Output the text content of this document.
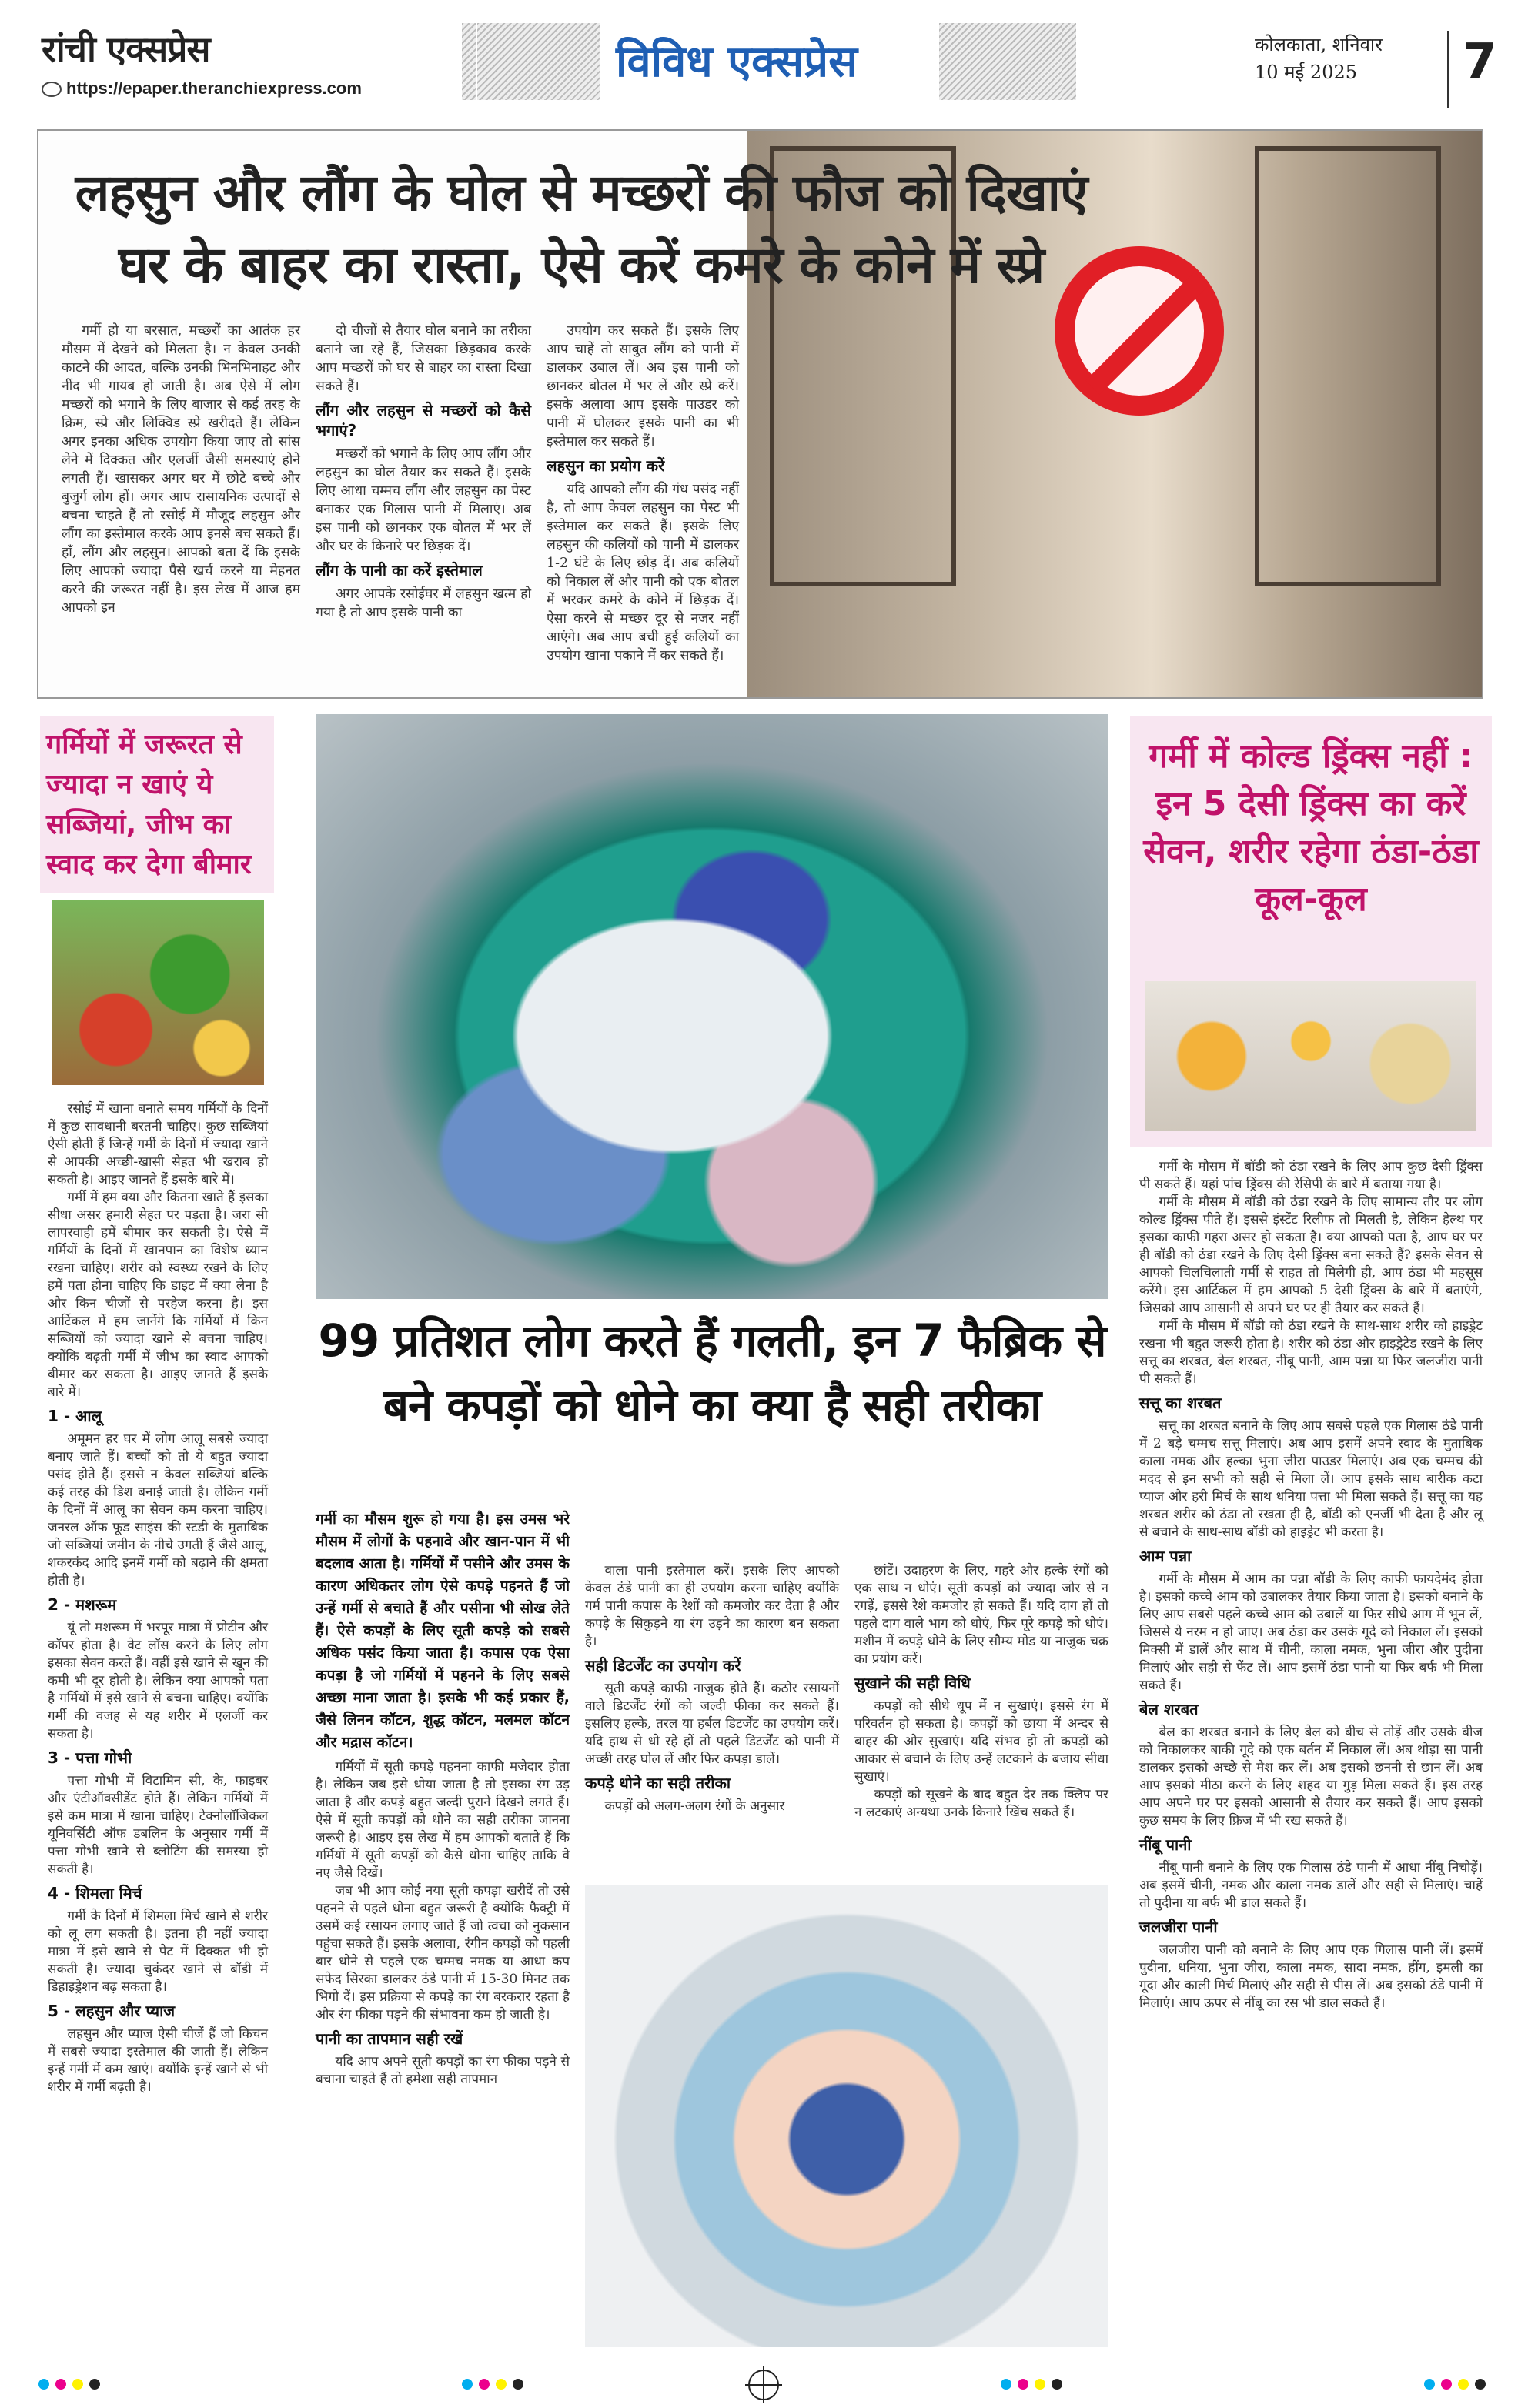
रांची एक्सप्रेस
https://epaper.theranchiexpress.com
विविध एक्सप्रेस	कोलकाता, शनिवार
10 मई 2025	7
लहसुन और लौंग के घोल से मच्छरों की फौज को दिखाएं
घर के बाहर का रास्ता, ऐसे करें कमरे के कोने में स्प्रे

गर्मी हो या बरसात, मच्छरों का आतंक हर मौसम में देखने को मिलता है। न केवल उनकी काटने की आदत, बल्कि उनकी भिनभिनाहट और नींद भी गायब हो जाती है। अब ऐसे में लोग मच्छरों को भगाने के लिए बाजार से कई तरह के क्रिम, स्प्रे और लिक्विड स्प्रे खरीदते हैं। लेकिन अगर इनका अधिक उपयोग किया जाए तो सांस लेने में दिक्कत और एलर्जी जैसी समस्याएं होने लगती हैं। खासकर अगर घर में छोटे बच्चे और बुजुर्ग लोग हों। अगर आप रासायनिक उत्पादों से बचना चाहते हैं तो रसोई में मौजूद लहसुन और लौंग का इस्तेमाल करके आप इनसे बच सकते हैं। हाँ, लौंग और लहसुन। आपको बता दें कि इसके लिए आपको ज्यादा पैसे खर्च करने या मेहनत करने की जरूरत नहीं है। इस लेख में आज हम आपको इन

दो चीजों से तैयार घोल बनाने का तरीका बताने जा रहे हैं, जिसका छिड़काव करके आप मच्छरों को घर से बाहर का रास्ता दिखा सकते हैं।

लौंग और लहसुन से मच्छरों को कैसे भगाएं?

मच्छरों को भगाने के लिए आप लौंग और लहसुन का घोल तैयार कर सकते हैं। इसके लिए आधा चम्मच लौंग और लहसुन का पेस्ट बनाकर एक गिलास पानी में मिलाएं। अब इस पानी को छानकर एक बोतल में भर लें और घर के किनारे पर छिड़क दें।

लौंग के पानी का करें इस्तेमाल

अगर आपके रसोईघर में लहसुन खत्म हो गया है तो आप इसके पानी का

उपयोग कर सकते हैं। इसके लिए आप चाहें तो साबुत लौंग को पानी में डालकर उबाल लें। अब इस पानी को छानकर बोतल में भर लें और स्प्रे करें। इसके अलावा आप इसके पाउडर को पानी में घोलकर इसके पानी का भी इस्तेमाल कर सकते हैं।

लहसुन का प्रयोग करें

यदि आपको लौंग की गंध पसंद नहीं है, तो आप केवल लहसुन का पेस्ट भी इस्तेमाल कर सकते हैं। इसके लिए लहसुन की कलियों को पानी में डालकर 1-2 घंटे के लिए छोड़ दें। अब कलियों को निकाल लें और पानी को एक बोतल में भरकर कमरे के कोने में छिड़क दें। ऐसा करने से मच्छर दूर से नजर नहीं आएंगे। अब आप बची हुई कलियों का उपयोग खाना पकाने में कर सकते हैं।

गर्मियों में जरूरत से ज्यादा न खाएं ये सब्जियां, जीभ का स्वाद कर देगा बीमार

रसोई में खाना बनाते समय गर्मियों के दिनों में कुछ सावधानी बरतनी चाहिए। कुछ सब्जियां ऐसी होती हैं जिन्हें गर्मी के दिनों में ज्यादा खाने से आपकी अच्छी-खासी सेहत भी खराब हो सकती है। आइए जानते हैं इसके बारे में।

गर्मी में हम क्या और कितना खाते हैं इसका सीधा असर हमारी सेहत पर पड़ता है। जरा सी लापरवाही हमें बीमार कर सकती है। ऐसे में गर्मियों के दिनों में खानपान का विशेष ध्यान रखना चाहिए। शरीर को स्वस्थ्य रखने के लिए हमें पता होना चाहिए कि डाइट में क्या लेना है और किन चीजों से परहेज करना है। इस आर्टिकल में हम जानेंगे कि गर्मियों में किन सब्जियों को ज्यादा खाने से बचना चाहिए। क्योंकि बढ़ती गर्मी में जीभ का स्वाद आपको बीमार कर सकता है। आइए जानते हैं इसके बारे में।

1 - आलू

अमूमन हर घर में लोग आलू सबसे ज्यादा बनाए जाते हैं। बच्चों को तो ये बहुत ज्यादा पसंद होते हैं। इससे न केवल सब्जियां बल्कि कई तरह की डिश बनाई जाती है। लेकिन गर्मी के दिनों में आलू का सेवन कम करना चाहिए। जनरल ऑफ फूड साइंस की स्टडी के मुताबिक जो सब्जियां जमीन के नीचे उगती हैं जैसे आलू, शकरकंद आदि इनमें गर्मी को बढ़ाने की क्षमता होती है।

2 - मशरूम

यूं तो मशरूम में भरपूर मात्रा में प्रोटीन और कॉपर होता है। वेट लॉस करने के लिए लोग इसका सेवन करते हैं। वहीं इसे खाने से खून की कमी भी दूर होती है। लेकिन क्या आपको पता है गर्मियों में इसे खाने से बचना चाहिए। क्योंकि गर्मी की वजह से यह शरीर में एलर्जी कर सकता है।

3 - पत्ता गोभी

पत्ता गोभी में विटामिन सी, के, फाइबर और एंटीऑक्सीडेंट होते हैं। लेकिन गर्मियों में इसे कम मात्रा में खाना चाहिए। टेक्नोलॉजिकल यूनिवर्सिटी ऑफ डबलिन के अनुसार गर्मी में पत्ता गोभी खाने से ब्लोटिंग की समस्या हो सकती है।

4 - शिमला मिर्च

गर्मी के दिनों में शिमला मिर्च खाने से शरीर को लू लग सकती है। इतना ही नहीं ज्यादा मात्रा में इसे खाने से पेट में दिक्कत भी हो सकती है। ज्यादा चुकंदर खाने से बॉडी में डिहाइड्रेशन बढ़ सकता है।

5 - लहसुन और प्याज

लहसुन और प्याज ऐसी चीजें हैं जो किचन में सबसे ज्यादा इस्तेमाल की जाती हैं। लेकिन इन्हें गर्मी में कम खाएं। क्योंकि इन्हें खाने से भी शरीर में गर्मी बढ़ती है।

99 प्रतिशत लोग करते हैं गलती, इन 7 फैब्रिक से बने कपड़ों को धोने का क्या है सही तरीका
गर्मी का मौसम शुरू हो गया है। इस उमस भरे मौसम में लोगों के पहनावे और खान-पान में भी बदलाव आता है। गर्मियों में पसीने और उमस के कारण अधिकतर लोग ऐसे कपड़े पहनते हैं जो उन्हें गर्मी से बचाते हैं और पसीना भी सोख लेते हैं। ऐसे कपड़ों के लिए सूती कपड़े को सबसे अधिक पसंद किया जाता है। कपास एक ऐसा कपड़ा है जो गर्मियों में पहनने के लिए सबसे अच्छा माना जाता है। इसके भी कई प्रकार हैं, जैसे लिनन कॉटन, शुद्ध कॉटन, मलमल कॉटन और मद्रास कॉटन।

गर्मियों में सूती कपड़े पहनना काफी मजेदार होता है। लेकिन जब इसे धोया जाता है तो इसका रंग उड़ जाता है और कपड़े बहुत जल्दी पुराने दिखने लगते हैं। ऐसे में सूती कपड़ों को धोने का सही तरीका जानना जरूरी है। आइए इस लेख में हम आपको बताते हैं कि गर्मियों में सूती कपड़ों को कैसे धोना चाहिए ताकि वे नए जैसे दिखें।

जब भी आप कोई नया सूती कपड़ा खरीदें तो उसे पहनने से पहले धोना बहुत जरूरी है क्योंकि फैक्ट्री में उसमें कई रसायन लगाए जाते हैं जो त्वचा को नुकसान पहुंचा सकते हैं। इसके अलावा, रंगीन कपड़ों को पहली बार धोने से पहले एक चम्मच नमक या आधा कप सफेद सिरका डालकर ठंडे पानी में 15-30 मिनट तक भिगो दें। इस प्रक्रिया से कपड़े का रंग बरकरार रहता है और रंग फीका पड़ने की संभावना कम हो जाती है।

पानी का तापमान सही रखें

यदि आप अपने सूती कपड़ों का रंग फीका पड़ने से बचाना चाहते हैं तो हमेशा सही तापमान

वाला पानी इस्तेमाल करें। इसके लिए आपको केवल ठंडे पानी का ही उपयोग करना चाहिए क्योंकि गर्म पानी कपास के रेशों को कमजोर कर देता है और कपड़े के सिकुड़ने या रंग उड़ने का कारण बन सकता है।

सही डिटर्जेंट का उपयोग करें

सूती कपड़े काफी नाजुक होते हैं। कठोर रसायनों वाले डिटर्जेंट रंगों को जल्दी फीका कर सकते हैं। इसलिए हल्के, तरल या हर्बल डिटर्जेंट का उपयोग करें। यदि हाथ से धो रहे हों तो पहले डिटर्जेंट को पानी में अच्छी तरह घोल लें और फिर कपड़ा डालें।

कपड़े धोने का सही तरीका

कपड़ों को अलग-अलग रंगों के अनुसार

छांटें। उदाहरण के लिए, गहरे और हल्के रंगों को एक साथ न धोएं। सूती कपड़ों को ज्यादा जोर से न रगड़ें, इससे रेशे कमजोर हो सकते हैं। यदि दाग हों तो पहले दाग वाले भाग को धोएं, फिर पूरे कपड़े को धोएं। मशीन में कपड़े धोने के लिए सौम्य मोड या नाजुक चक्र का प्रयोग करें।

सुखाने की सही विधि

कपड़ों को सीधे धूप में न सुखाएं। इससे रंग में परिवर्तन हो सकता है। कपड़ों को छाया में अन्दर से बाहर की ओर सुखाएं। यदि संभव हो तो कपड़ों को आकार से बचाने के लिए उन्हें लटकाने के बजाय सीधा सुखाएं।

कपड़ों को सूखने के बाद बहुत देर तक क्लिप पर न लटकाएं अन्यथा उनके किनारे खिंच सकते हैं।

गर्मी में कोल्ड ड्रिंक्स नहीं : इन 5 देसी ड्रिंक्स का करें सेवन, शरीर रहेगा ठंडा-ठंडा कूल-कूल

गर्मी के मौसम में बॉडी को ठंडा रखने के लिए आप कुछ देसी ड्रिंक्स पी सकते हैं। यहां पांच ड्रिंक्स की रेसिपी के बारे में बताया गया है।

गर्मी के मौसम में बॉडी को ठंडा रखने के लिए सामान्य तौर पर लोग कोल्ड ड्रिंक्स पीते हैं। इससे इंस्टेंट रिलीफ तो मिलती है, लेकिन हेल्थ पर इसका काफी गहरा असर हो सकता है। क्या आपको पता है, आप घर पर ही बॉडी को ठंडा रखने के लिए देसी ड्रिंक्स बना सकते हैं? इसके सेवन से आपको चिलचिलाती गर्मी से राहत तो मिलेगी ही, आप ठंडा भी महसूस करेंगे। इस आर्टिकल में हम आपको 5 देसी ड्रिंक्स के बारे में बताएंगे, जिसको आप आसानी से अपने घर पर ही तैयार कर सकते हैं।

गर्मी के मौसम में बॉडी को ठंडा रखने के साथ-साथ शरीर को हाइड्रेट रखना भी बहुत जरूरी होता है। शरीर को ठंडा और हाइड्रेटेड रखने के लिए सत्तू का शरबत, बेल शरबत, नींबू पानी, आम पन्ना या फिर जलजीरा पानी पी सकते हैं।

सत्तू का शरबत

सत्तू का शरबत बनाने के लिए आप सबसे पहले एक गिलास ठंडे पानी में 2 बड़े चम्मच सत्तू मिलाएं। अब आप इसमें अपने स्वाद के मुताबिक काला नमक और हल्का भुना जीरा पाउडर मिलाएं। अब एक चम्मच की मदद से इन सभी को सही से मिला लें। आप इसके साथ बारीक कटा प्याज और हरी मिर्च के साथ धनिया पत्ता भी मिला सकते हैं। सत्तू का यह शरबत शरीर को ठंडा तो रखता ही है, बॉडी को एनर्जी भी देता है और लू से बचाने के साथ-साथ बॉडी को हाइड्रेट भी करता है।

आम पन्ना

गर्मी के मौसम में आम का पन्ना बॉडी के लिए काफी फायदेमंद होता है। इसको कच्चे आम को उबालकर तैयार किया जाता है। इसको बनाने के लिए आप सबसे पहले कच्चे आम को उबालें या फिर सीधे आग में भून लें, जिससे ये नरम न हो जाए। अब ठंडा कर उसके गूदे को निकाल लें। इसको मिक्सी में डालें और साथ में चीनी, काला नमक, भुना जीरा और पुदीना मिलाएं और सही से फेंट लें। आप इसमें ठंडा पानी या फिर बर्फ भी मिला सकते हैं।

बेल शरबत

बेल का शरबत बनाने के लिए बेल को बीच से तोड़ें और उसके बीज को निकालकर बाकी गूदे को एक बर्तन में निकाल लें। अब थोड़ा सा पानी डालकर इसको अच्छे से मैश कर लें। अब इसको छननी से छान लें। अब आप इसको मीठा करने के लिए शहद या गुड़ मिला सकते हैं। इस तरह आप अपने घर पर इसको आसानी से तैयार कर सकते हैं। आप इसको कुछ समय के लिए फ्रिज में भी रख सकते हैं।

नींबू पानी

नींबू पानी बनाने के लिए एक गिलास ठंडे पानी में आधा नींबू निचोड़ें। अब इसमें चीनी, नमक और काला नमक डालें और सही से मिलाएं। चाहें तो पुदीना या बर्फ भी डाल सकते हैं।

जलजीरा पानी

जलजीरा पानी को बनाने के लिए आप एक गिलास पानी लें। इसमें पुदीना, धनिया, भुना जीरा, काला नमक, सादा नमक, हींग, इमली का गूदा और काली मिर्च मिलाएं और सही से पीस लें। अब इसको ठंडे पानी में मिलाएं। आप ऊपर से नींबू का रस भी डाल सकते हैं।
